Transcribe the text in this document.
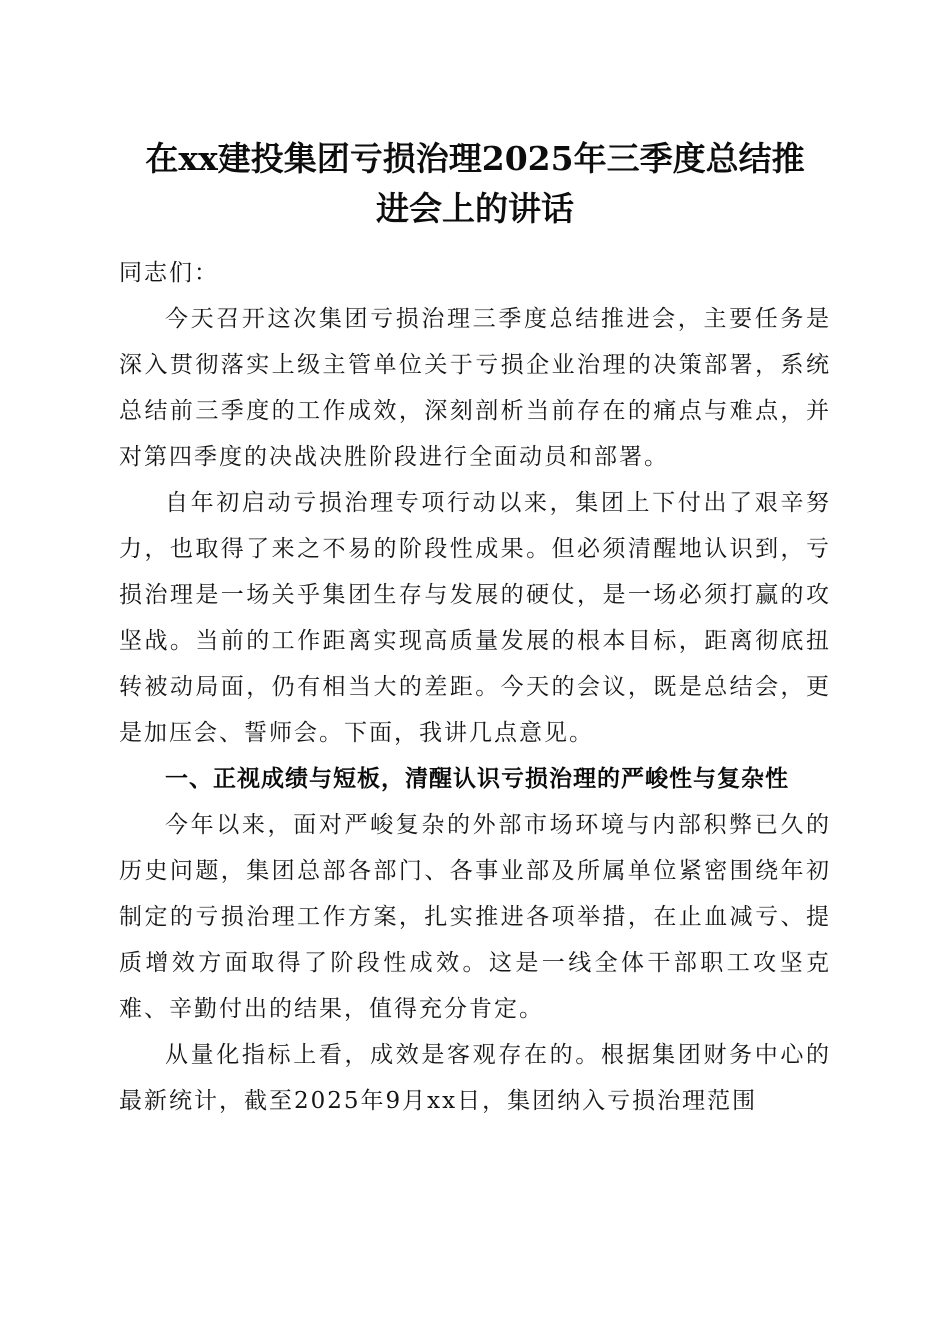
在xx建投集团亏损治理2025年三季度总结推
进会上的讲话

同志们：

今天召开这次集团亏损治理三季度总结推进会，主要任务是深入贯彻落实上级主管单位关于亏损企业治理的决策部署，系统总结前三季度的工作成效，深刻剖析当前存在的痛点与难点，并对第四季度的决战决胜阶段进行全面动员和部署。

自年初启动亏损治理专项行动以来，集团上下付出了艰辛努力，也取得了来之不易的阶段性成果。但必须清醒地认识到，亏损治理是一场关乎集团生存与发展的硬仗，是一场必须打赢的攻坚战。当前的工作距离实现高质量发展的根本目标，距离彻底扭转被动局面，仍有相当大的差距。今天的会议，既是总结会，更是加压会、誓师会。下面，我讲几点意见。

一、正视成绩与短板，清醒认识亏损治理的严峻性与复杂性

今年以来，面对严峻复杂的外部市场环境与内部积弊已久的历史问题，集团总部各部门、各事业部及所属单位紧密围绕年初制定的亏损治理工作方案，扎实推进各项举措，在止血减亏、提质增效方面取得了阶段性成效。这是一线全体干部职工攻坚克难、辛勤付出的结果，值得充分肯定。

从量化指标上看，成效是客观存在的。根据集团财务中心的最新统计，截至2025年9月xx日，集团纳入亏损治理范围
